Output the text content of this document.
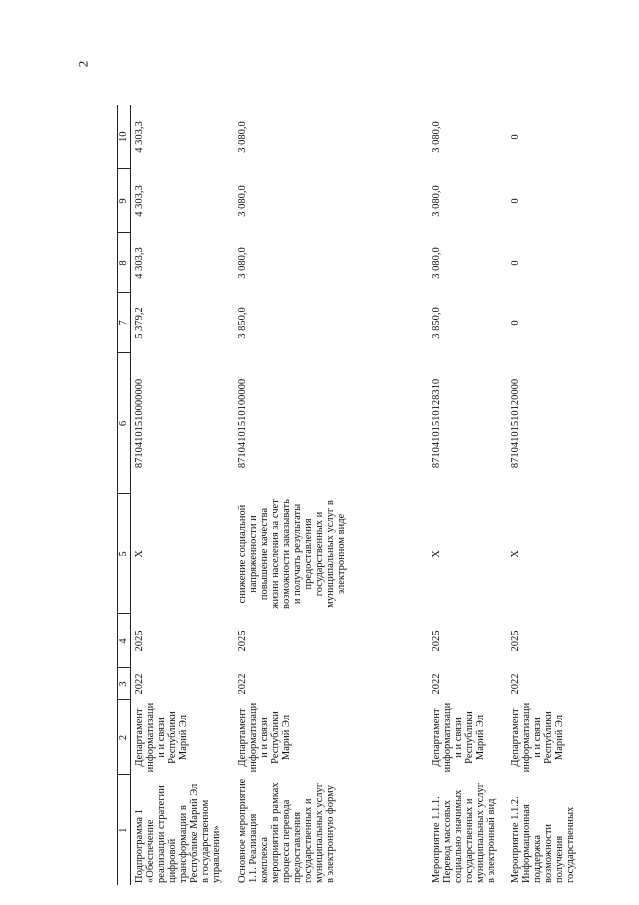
2
1	2	3	4	5	6	7	8	9	10
Подпрограмма 1 «Обеспечение реализации стратегии цифровой трансформации в Республике Марий Эл в государственном управлении»	Департамент информатизации и связи Республики Марий Эл	2022	2025	Х	87104101510000000	5 379,2	4 303,3	4 303,3	4 303,3
Основное мероприятие 1.1. Реализация комплекса мероприятий в рамках процесса перевода предоставления государственных и муниципальных услуг в электронную форму	Департамент информатизации и связи Республики Марий Эл	2022	2025	снижение социальной напряженности и повышение качества жизни населения за счет возможности заказывать и получать результаты предоставления государственных и муниципальных услуг в электронном виде	87104101510100000	3 850,0	3 080,0	3 080,0	3 080,0
Мероприятие 1.1.1. Перевод массовых социально значимых государственных и муниципальных услуг в электронный вид	Департамент информатизации и связи Республики Марий Эл	2022	2025	Х	87104101510128310	3 850,0	3 080,0	3 080,0	3 080,0
Мероприятие 1.1.2. Информационная поддержка возможности получения государственных	Департамент информатизации и связи Республики Марий Эл	2022	2025	Х	87104101510120000	0	0	0	0
